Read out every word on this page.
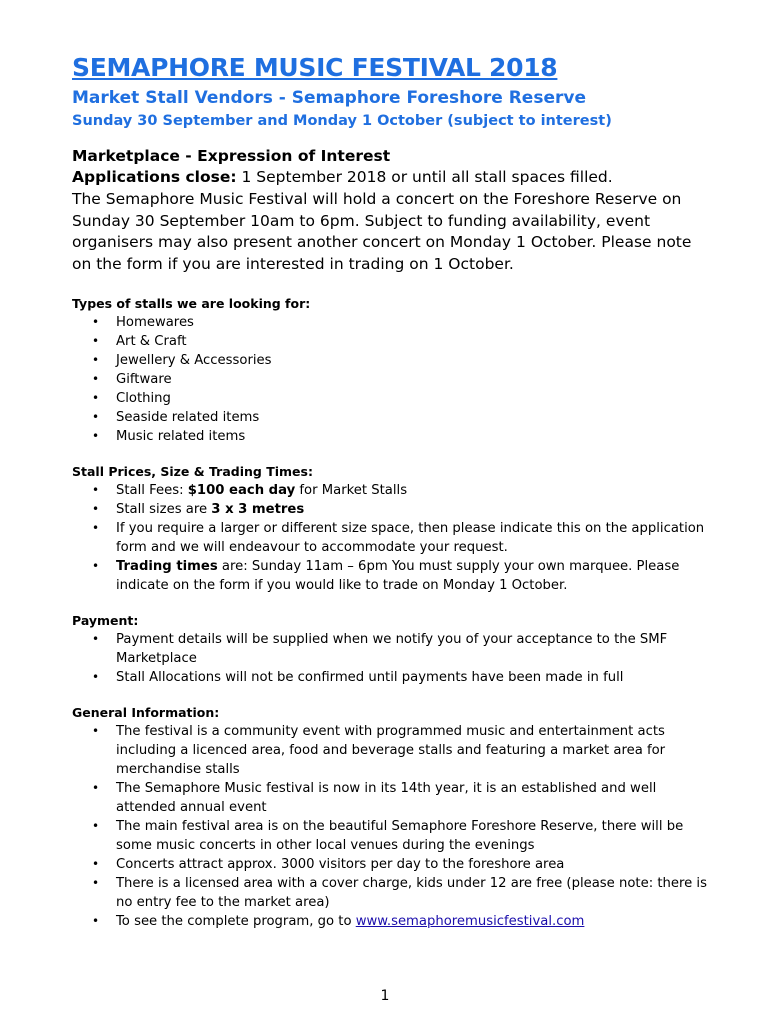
SEMAPHORE MUSIC FESTIVAL 2018

Market Stall Vendors - Semaphore Foreshore Reserve

Sunday 30 September and Monday 1 October (subject to interest)

Marketplace - Expression of Interest

Applications close: 1 September 2018 or until all stall spaces filled.
The Semaphore Music Festival will hold a concert on the Foreshore Reserve on Sunday 30 September 10am to 6pm. Subject to funding availability, event organisers may also present another concert on Monday 1 October. Please note on the form if you are interested in trading on 1 October.

Types of stalls we are looking for:

• Homewares
• Art & Craft
• Jewellery & Accessories
• Giftware
• Clothing
• Seaside related items
• Music related items

Stall Prices, Size & Trading Times:

• Stall Fees: $100 each day for Market Stalls
• Stall sizes are 3 x 3 metres
• If you require a larger or different size space, then please indicate this on the application form and we will endeavour to accommodate your request.
• Trading times are: Sunday 11am – 6pm You must supply your own marquee. Please indicate on the form if you would like to trade on Monday 1 October.

Payment:

• Payment details will be supplied when we notify you of your acceptance to the SMF Marketplace
• Stall Allocations will not be confirmed until payments have been made in full

General Information:

• The festival is a community event with programmed music and entertainment acts including a licenced area, food and beverage stalls and featuring a market area for merchandise stalls
• The Semaphore Music festival is now in its 14th year, it is an established and well attended annual event
• The main festival area is on the beautiful Semaphore Foreshore Reserve, there will be some music concerts in other local venues during the evenings
• Concerts attract approx. 3000 visitors per day to the foreshore area
• There is a licensed area with a cover charge, kids under 12 are free (please note: there is no entry fee to the market area)
• To see the complete program, go to www.semaphoremusicfestival.com
1
